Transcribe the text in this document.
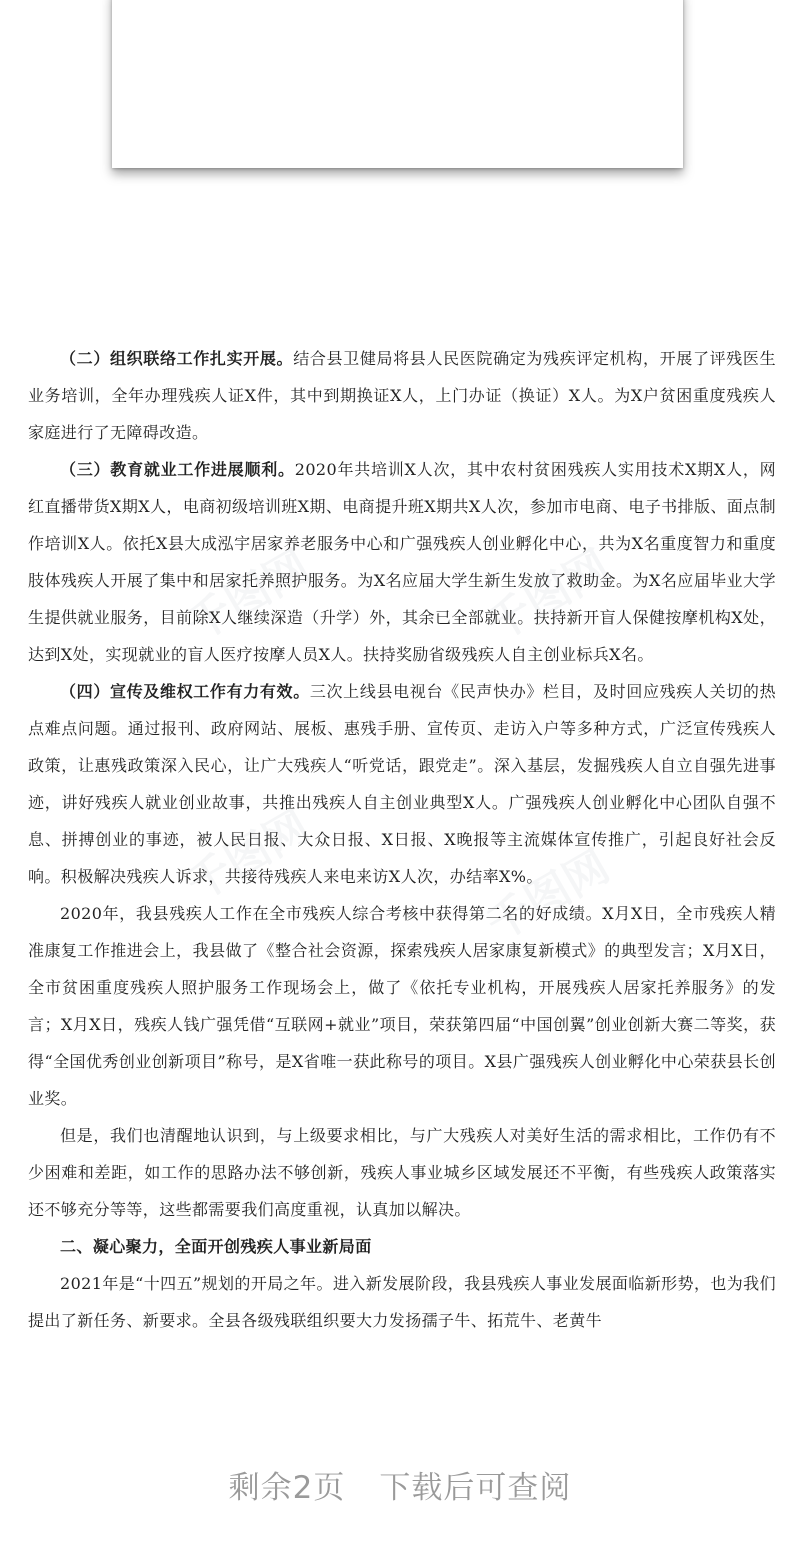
千图网	千图网
千图网	千图网

（二）组织联络工作扎实开展。结合县卫健局将县人民医院确定为残疾评定机构，开展了评残医生业务培训，全年办理残疾人证X件，其中到期换证X人，上门办证（换证）X人。为X户贫困重度残疾人家庭进行了无障碍改造。

（三）教育就业工作进展顺利。2020年共培训X人次，其中农村贫困残疾人实用技术X期X人，网红直播带货X期X人，电商初级培训班X期、电商提升班X期共X人次，参加市电商、电子书排版、面点制作培训X人。依托X县大成泓宇居家养老服务中心和广强残疾人创业孵化中心，共为X名重度智力和重度肢体残疾人开展了集中和居家托养照护服务。为X名应届大学生新生发放了救助金。为X名应届毕业大学生提供就业服务，目前除X人继续深造（升学）外，其余已全部就业。扶持新开盲人保健按摩机构X处，达到X处，实现就业的盲人医疗按摩人员X人。扶持奖励省级残疾人自主创业标兵X名。

（四）宣传及维权工作有力有效。三次上线县电视台《民声快办》栏目，及时回应残疾人关切的热点难点问题。通过报刊、政府网站、展板、惠残手册、宣传页、走访入户等多种方式，广泛宣传残疾人政策，让惠残政策深入民心，让广大残疾人“听党话，跟党走”。深入基层，发掘残疾人自立自强先进事迹，讲好残疾人就业创业故事，共推出残疾人自主创业典型X人。广强残疾人创业孵化中心团队自强不息、拼搏创业的事迹，被人民日报、大众日报、X日报、X晚报等主流媒体宣传推广，引起良好社会反响。积极解决残疾人诉求，共接待残疾人来电来访X人次，办结率X%。

2020年，我县残疾人工作在全市残疾人综合考核中获得第二名的好成绩。X月X日，全市残疾人精准康复工作推进会上，我县做了《整合社会资源，探索残疾人居家康复新模式》的典型发言；X月X日，全市贫困重度残疾人照护服务工作现场会上，做了《依托专业机构，开展残疾人居家托养服务》的发言；X月X日，残疾人钱广强凭借“互联网+就业”项目，荣获第四届“中国创翼”创业创新大赛二等奖，获得“全国优秀创业创新项目”称号，是X省唯一获此称号的项目。X县广强残疾人创业孵化中心荣获县长创业奖。

但是，我们也清醒地认识到，与上级要求相比，与广大残疾人对美好生活的需求相比，工作仍有不少困难和差距，如工作的思路办法不够创新，残疾人事业城乡区域发展还不平衡，有些残疾人政策落实还不够充分等等，这些都需要我们高度重视，认真加以解决。

二、凝心聚力，全面开创残疾人事业新局面

2021年是“十四五”规划的开局之年。进入新发展阶段，我县残疾人事业发展面临新形势，也为我们提出了新任务、新要求。全县各级残联组织要大力发扬孺子牛、拓荒牛、老黄牛

剩余2页 下载后可查阅
